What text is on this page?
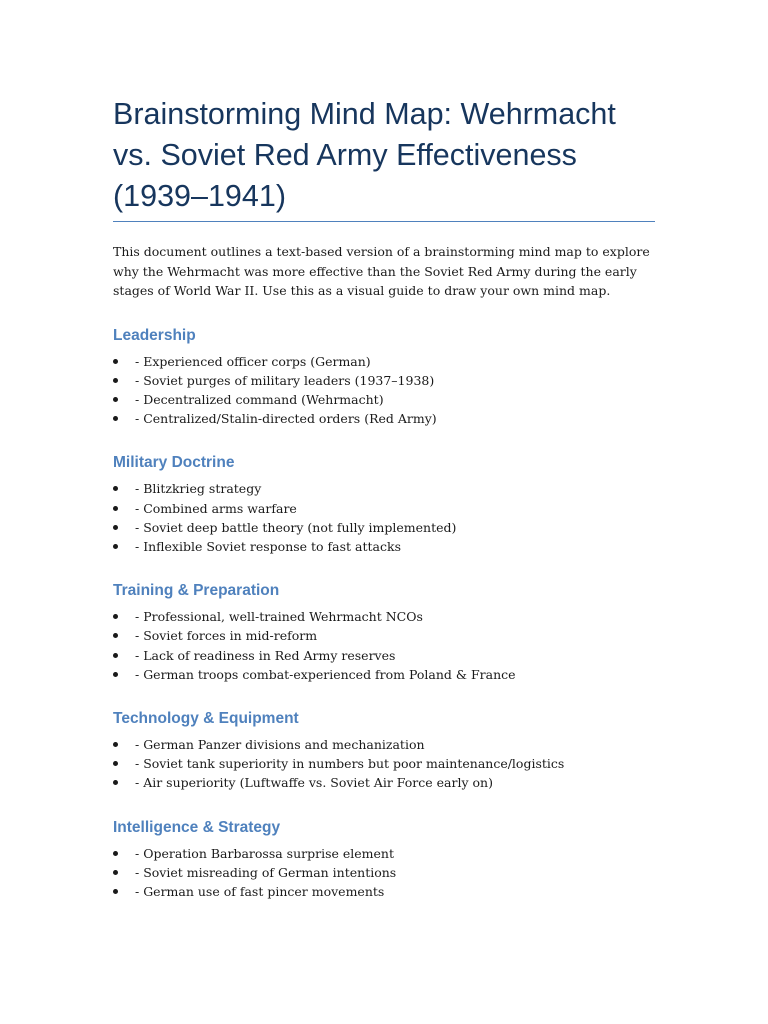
Brainstorming Mind Map: Wehrmacht vs. Soviet Red Army Effectiveness (1939–1941)

This document outlines a text-based version of a brainstorming mind map to explore why the Wehrmacht was more effective than the Soviet Red Army during the early stages of World War II. Use this as a visual guide to draw your own mind map.

Leadership
- Experienced officer corps (German)
- Soviet purges of military leaders (1937–1938)
- Decentralized command (Wehrmacht)
- Centralized/Stalin-directed orders (Red Army)
Military Doctrine
- Blitzkrieg strategy
- Combined arms warfare
- Soviet deep battle theory (not fully implemented)
- Inflexible Soviet response to fast attacks
Training & Preparation
- Professional, well-trained Wehrmacht NCOs
- Soviet forces in mid-reform
- Lack of readiness in Red Army reserves
- German troops combat-experienced from Poland & France
Technology & Equipment
- German Panzer divisions and mechanization
- Soviet tank superiority in numbers but poor maintenance/logistics
- Air superiority (Luftwaffe vs. Soviet Air Force early on)
Intelligence & Strategy
- Operation Barbarossa surprise element
- Soviet misreading of German intentions
- German use of fast pincer movements
